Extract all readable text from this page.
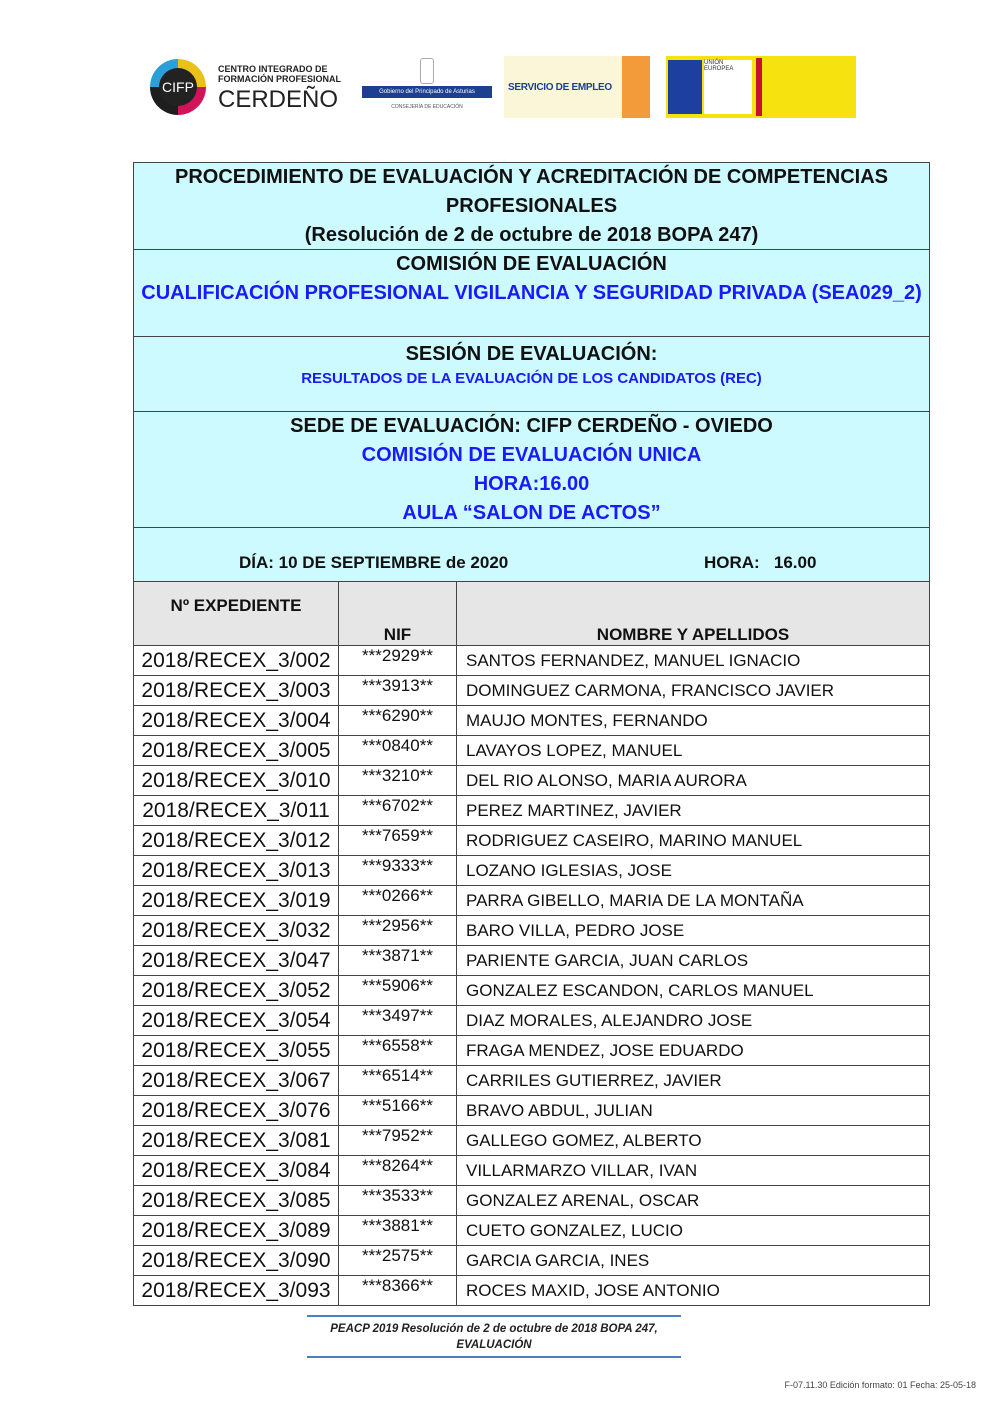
CIFP
CENTRO INTEGRADO DE
FORMACIÓN PROFESIONAL
CERDEÑO	Gobierno del Principado de Asturias
CONSEJERÍA DE EDUCACIÓN
SERVICIO DE EMPLEO
UNIÓN EUROPEA
PROCEDIMIENTO DE EVALUACIÓN Y ACREDITACIÓN DE COMPETENCIAS
PROFESIONALES
(Resolución de 2 de octubre de 2018 BOPA 247)
COMISIÓN DE EVALUACIÓN
CUALIFICACIÓN PROFESIONAL VIGILANCIA Y SEGURIDAD PRIVADA (SEA029_2)
SESIÓN DE EVALUACIÓN:
RESULTADOS DE LA EVALUACIÓN DE LOS CANDIDATOS (REC)
SEDE DE EVALUACIÓN: CIFP CERDEÑO - OVIEDO
COMISIÓN DE EVALUACIÓN UNICA
HORA:16.00
AULA “SALON DE ACTOS”
DÍA: 10 DE SEPTIEMBRE de 2020	HORA:   16.00
Nº EXPEDIENTE	NIF	NOMBRE Y APELLIDOS
2018/RECEX_3/002	***2929**	SANTOS FERNANDEZ, MANUEL IGNACIO
2018/RECEX_3/003	***3913**	DOMINGUEZ CARMONA, FRANCISCO JAVIER
2018/RECEX_3/004	***6290**	MAUJO MONTES, FERNANDO
2018/RECEX_3/005	***0840**	LAVAYOS LOPEZ, MANUEL
2018/RECEX_3/010	***3210**	DEL RIO ALONSO, MARIA AURORA
2018/RECEX_3/011	***6702**	PEREZ MARTINEZ, JAVIER
2018/RECEX_3/012	***7659**	RODRIGUEZ CASEIRO, MARINO MANUEL
2018/RECEX_3/013	***9333**	LOZANO IGLESIAS, JOSE
2018/RECEX_3/019	***0266**	PARRA GIBELLO, MARIA DE LA MONTAÑA
2018/RECEX_3/032	***2956**	BARO VILLA, PEDRO JOSE
2018/RECEX_3/047	***3871**	PARIENTE GARCIA, JUAN CARLOS
2018/RECEX_3/052	***5906**	GONZALEZ ESCANDON, CARLOS MANUEL
2018/RECEX_3/054	***3497**	DIAZ MORALES, ALEJANDRO JOSE
2018/RECEX_3/055	***6558**	FRAGA MENDEZ, JOSE EDUARDO
2018/RECEX_3/067	***6514**	CARRILES GUTIERREZ, JAVIER
2018/RECEX_3/076	***5166**	BRAVO ABDUL, JULIAN
2018/RECEX_3/081	***7952**	GALLEGO GOMEZ, ALBERTO
2018/RECEX_3/084	***8264**	VILLARMARZO VILLAR, IVAN
2018/RECEX_3/085	***3533**	GONZALEZ ARENAL, OSCAR
2018/RECEX_3/089	***3881**	CUETO GONZALEZ, LUCIO
2018/RECEX_3/090	***2575**	GARCIA GARCIA, INES
2018/RECEX_3/093	***8366**	ROCES MAXID, JOSE ANTONIO
PEACP 2019 Resolución de 2 de octubre de 2018 BOPA 247,
EVALUACIÓN
F-07.11.30 Edición formato: 01 Fecha: 25-05-18
